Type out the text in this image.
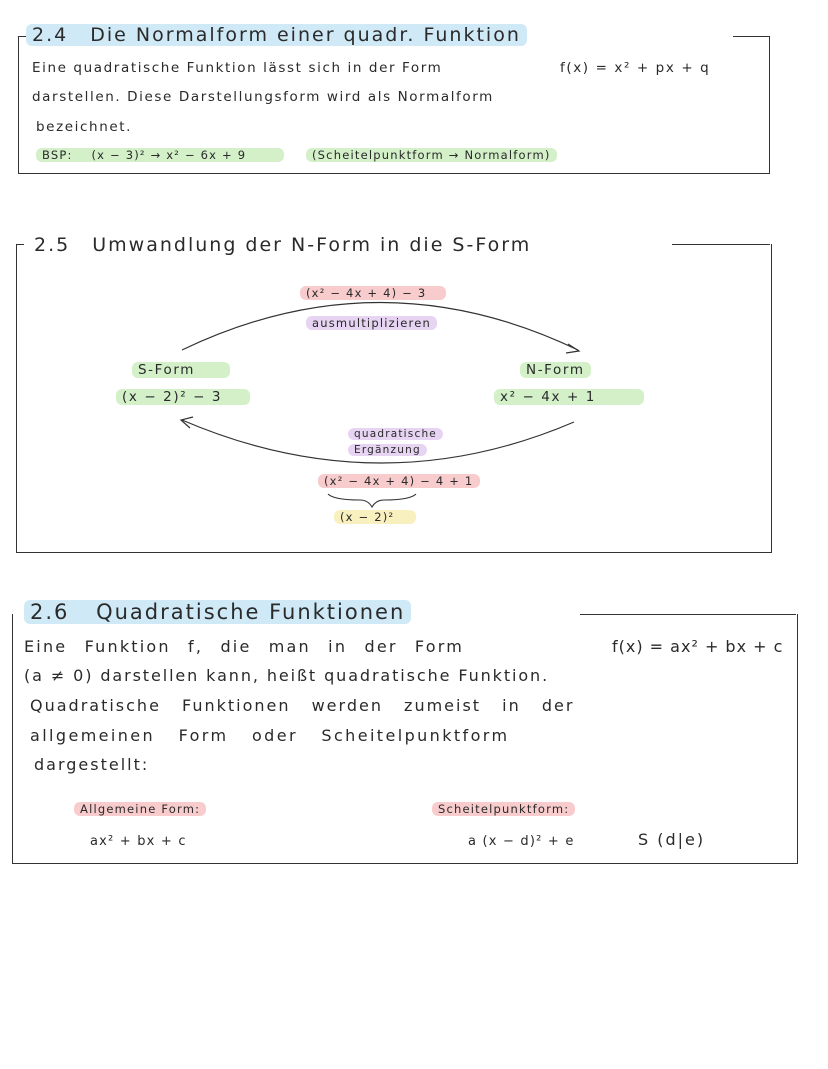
2.4 Die Normalform einer quadr. Funktion
Eine quadratische Funktion lässt sich in der Form	f(x) = x² + px + q
darstellen. Diese Darstellungsform wird als Normalform
bezeichnet.
BSP: (x − 3)² → x² − 6x + 9	(Scheitelpunktform → Normalform)
2.5 Umwandlung der N-Form in die S-Form
(x² − 4x + 4) − 3
ausmultiplizieren
S-Form
(x − 2)² − 3
N-Form
x² − 4x + 1
quadratische
Ergänzung
(x² − 4x + 4) − 4 + 1
(x − 2)²
2.6 Quadratische Funktionen
Eine Funktion f, die man in der Form	f(x) = ax² + bx + c
(a ≠ 0) darstellen kann, heißt quadratische Funktion.
Quadratische Funktionen werden zumeist in der
allgemeinen Form oder Scheitelpunktform
dargestellt:
Allgemeine Form:
ax² + bx + c
Scheitelpunktform:
a (x − d)² + e	S (d|e)
